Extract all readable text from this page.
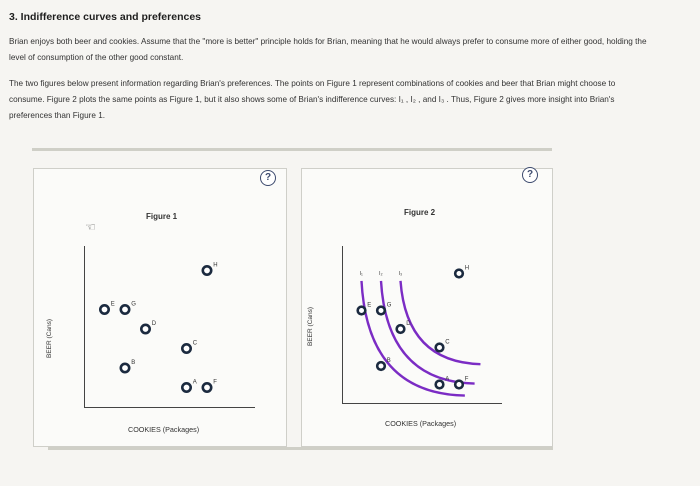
3. Indifference curves and preferences
Brian enjoys both beer and cookies. Assume that the "more is better" principle holds for Brian, meaning that he would always prefer to consume more of either good, holding the level of consumption of the other good constant.
The two figures below present information regarding Brian's preferences. The points on Figure 1 represent combinations of cookies and beer that Brian might choose to consume. Figure 2 plots the same points as Figure 1, but it also shows some of Brian's indifference curves: I₁ , I₂ , and I₃ . Thus, Figure 2 gives more insight into Brian's preferences than Figure 1.
?	?
☜
Figure 1	Figure 2
BEER (Cans)	BEER (Cans)
COOKIES (Packages)
COOKIES (Packages)
I₁	I₂	I₃
A
B
C
D
E
F
G
H
A
B
C
D
E
F
G
H
